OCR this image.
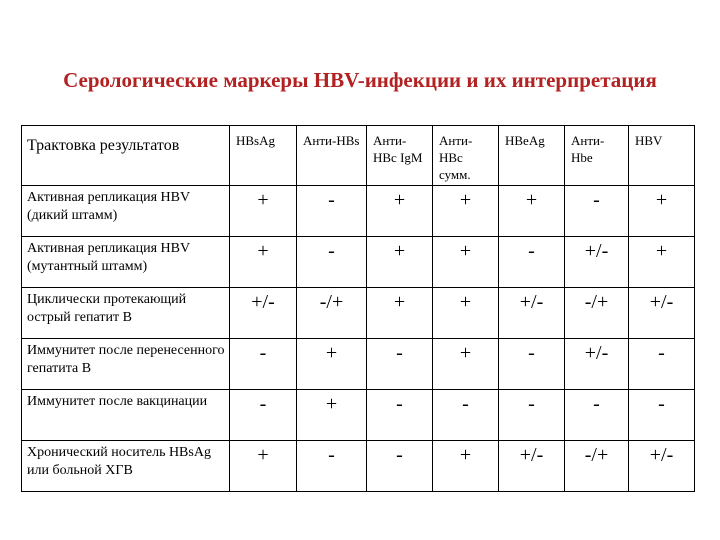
Серологические маркеры HBV-инфекции и их интерпретация
Трактовка результатов	HBsAg	Анти-HBs	Анти-HBc IgM	Анти-HBc сумм.	HBeAg	Анти-Hbe	HBV
Активная репликация HBV (дикий штамм)	+	-	+	+	+	-	+
Активная репликация HBV (мутантный штамм)	+	-	+	+	-	+/-	+
Циклически протекающий острый гепатит В	+/-	-/+	+	+	+/-	-/+	+/-
Иммунитет после перенесенного гепатита В	-	+	-	+	-	+/-	-
Иммунитет после вакцинации	-	+	-	-	-	-	-
Хронический носитель HBsAg или больной ХГВ	+	-	-	+	+/-	-/+	+/-
